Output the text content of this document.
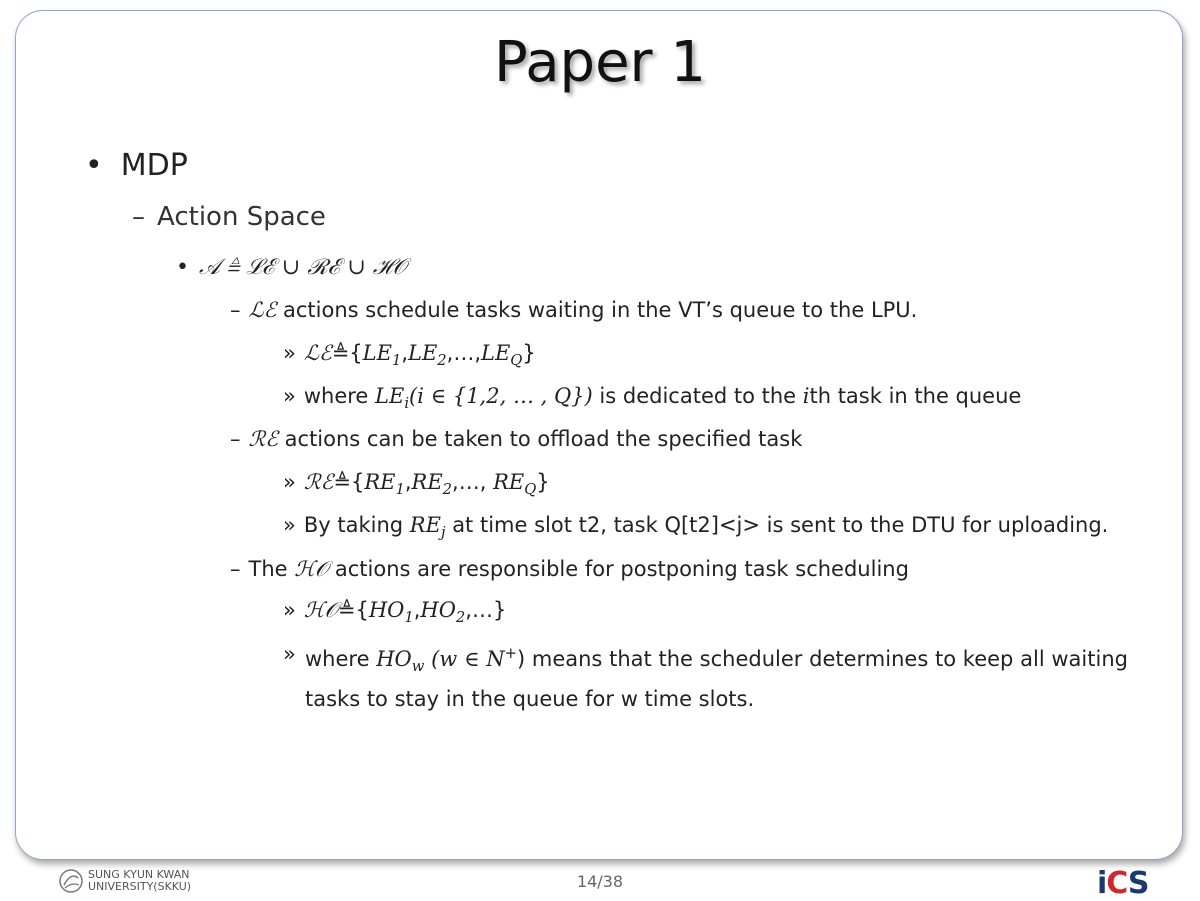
Paper 1
• MDP
– Action Space
• 𝒜 ≜ ℒℰ ∪ ℛℰ ∪ ℋ𝒪
– ℒℰ actions schedule tasks waiting in the VT’s queue to the LPU.
» $ℒℰ≜\{LE_1,LE_2,\dots,LE_Q\}$
» where $LE_i(i$ ∈ {1,2, … , Q}) is dedicated to the ith task in the queue
– ℛℰ actions can be taken to offload the specified task
» $ℛℰ≜\{RE_1,RE_2,\dots$, $RE_Q$}
» By taking $RE_j$ at time slot t2, task Q[t2]<j> is sent to the DTU for uploading.
– The ℋ𝒪 actions are responsible for postponing task scheduling
» $ℋ𝒪≜\{HO_1,HO_2,\dots\}$
» where $HO_w$ (w ∈ N+) means that the scheduler determines to keep all waiting tasks to stay in the queue for w time slots.
SUNG KYUN KWAN
UNIVERSITY(SKKU)	14/38	iCS
